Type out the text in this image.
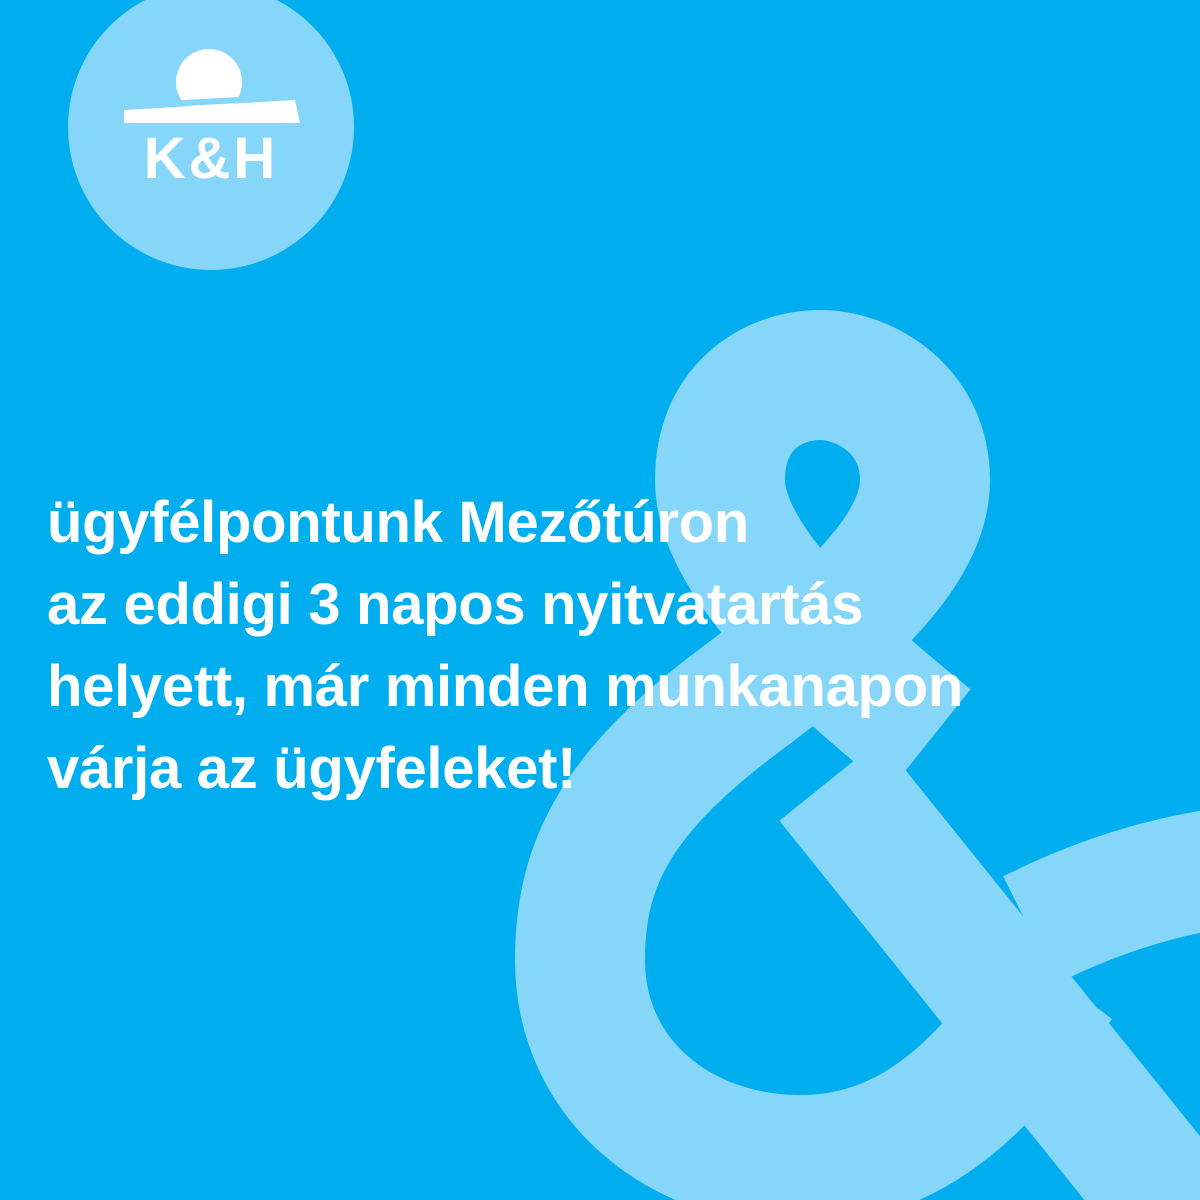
K&H
ügyfélpontunk Mezőtúron
az eddigi 3 napos nyitvatartás
helyett, már minden munkanapon
várja az ügyfeleket!
